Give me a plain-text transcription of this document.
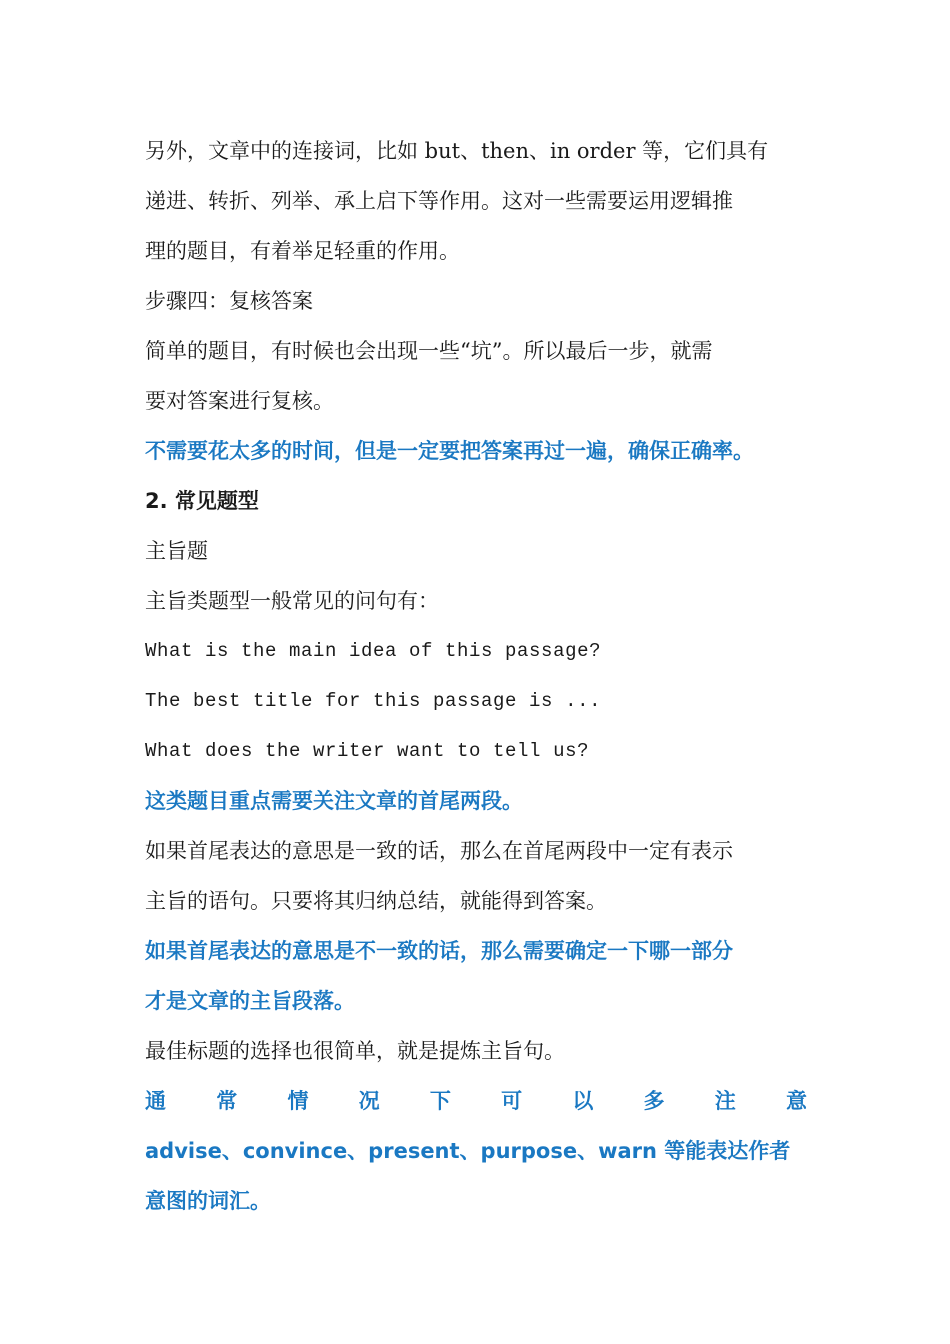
另外，文章中的连接词，比如 but、then、in order 等，它们具有
递进、转折、列举、承上启下等作用。这对一些需要运用逻辑推
理的题目，有着举足轻重的作用。
步骤四：复核答案
简单的题目，有时候也会出现一些“坑”。所以最后一步，就需
要对答案进行复核。
不需要花太多的时间，但是一定要把答案再过一遍，确保正确率。
2. 常见题型
主旨题
主旨类题型一般常见的问句有：
What is the main idea of this passage?
The best title for this passage is ...
What does the writer want to tell us?
这类题目重点需要关注文章的首尾两段。
如果首尾表达的意思是一致的话，那么在首尾两段中一定有表示
主旨的语句。只要将其归纳总结，就能得到答案。
如果首尾表达的意思是不一致的话，那么需要确定一下哪一部分
才是文章的主旨段落。
最佳标题的选择也很简单，就是提炼主旨句。
通 常 情 况 下 可 以 多 注 意
advise、convince、present、purpose、warn 等能表达作者
意图的词汇。
